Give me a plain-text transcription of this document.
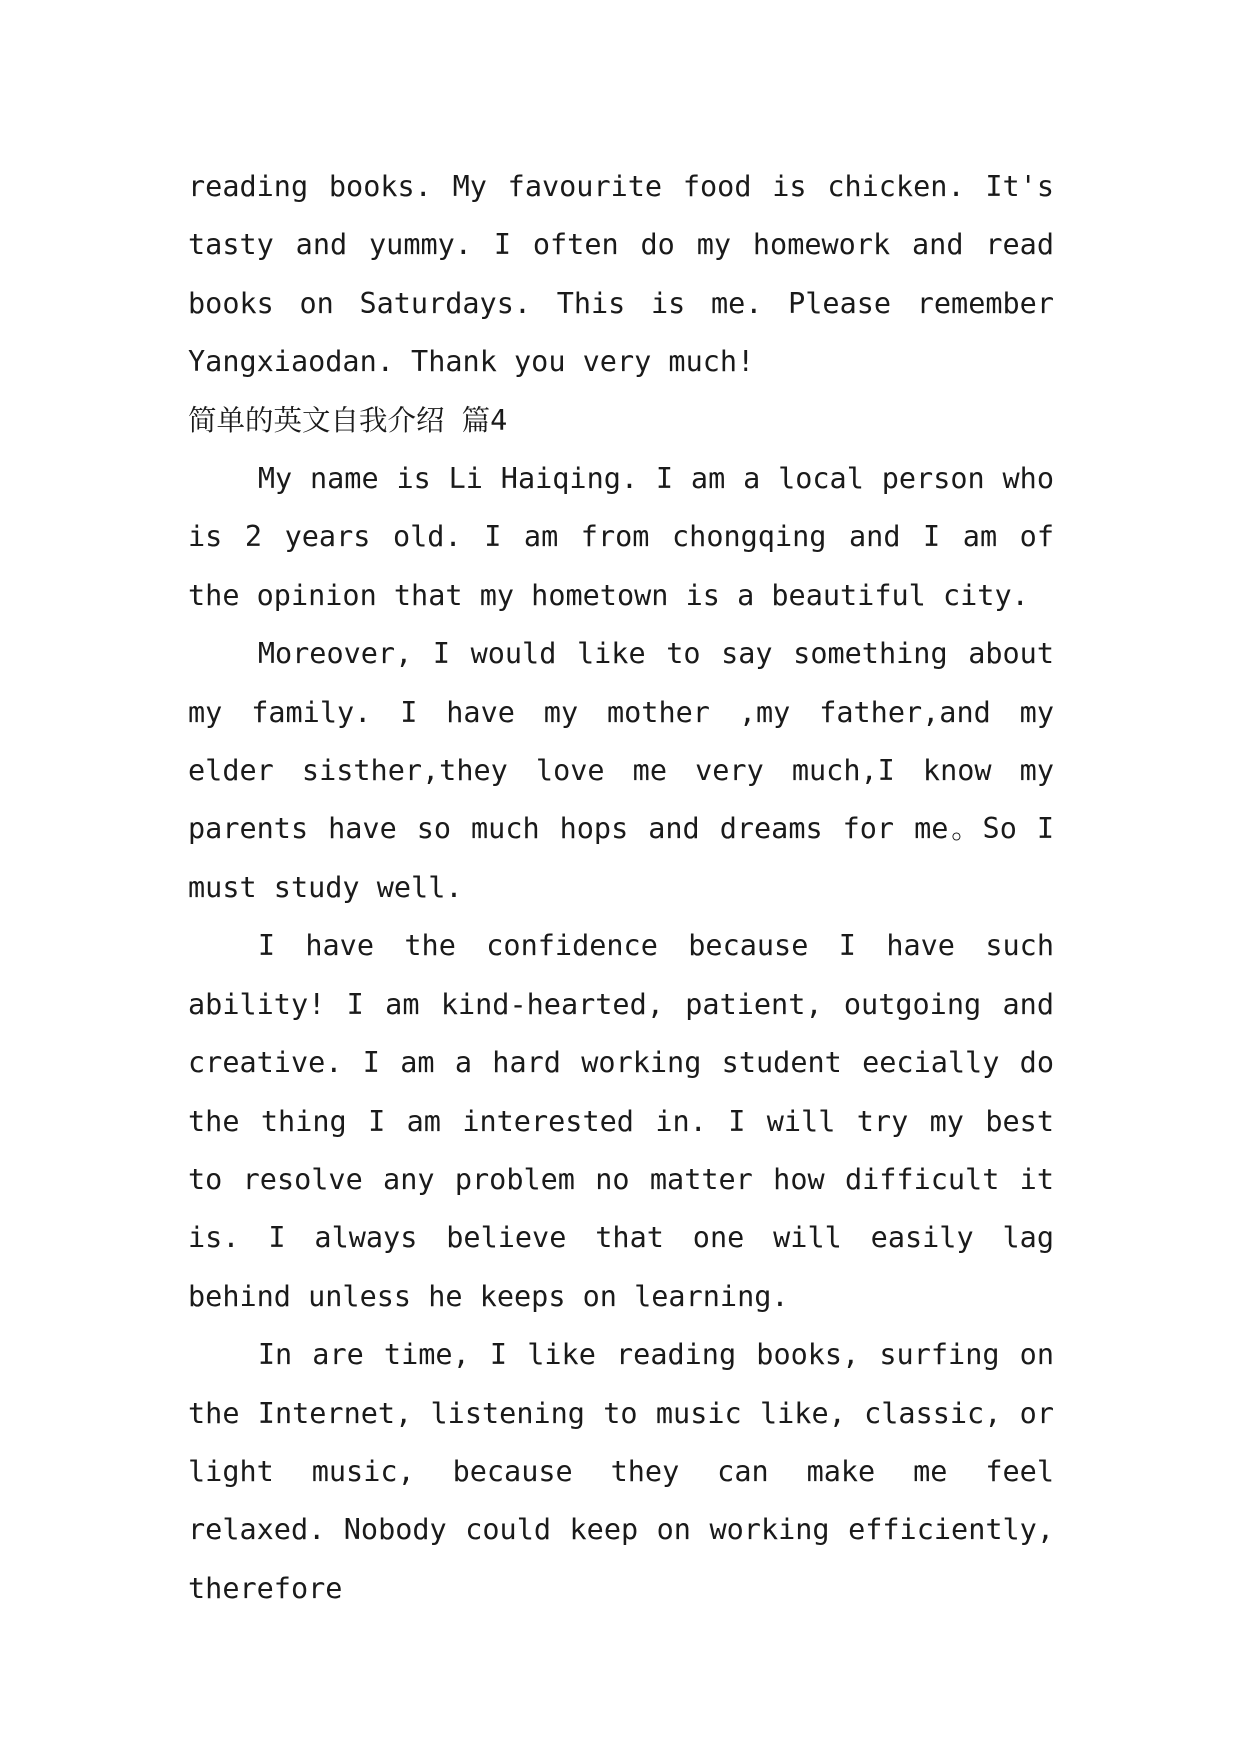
reading books. My favourite food is chicken. It's tasty and yummy. I often do my homework and read books on Saturdays. This is me. Please remember Yangxiaodan. Thank you very much!

简单的英文自我介绍 篇4

My name is Li Haiqing. I am a local person who is 2 years old. I am from chongqing and I am of the opinion that my hometown is a beautiful city.

Moreover, I would like to say something about my family. I have my mother ,my father,and my elder sisther,they love me very much,I know my parents have so much hops and dreams for me。So I must study well.

I have the confidence because I have such ability! I am kind-hearted, patient, outgoing and creative. I am a hard working student eecially do the thing I am interested in. I will try my best to resolve any problem no matter how difficult it is. I always believe that one will easily lag behind unless he keeps on learning.

In are time, I like reading books, surfing on the Internet, listening to music like, classic, or light music, because they can make me feel relaxed. Nobody could keep on working efficiently, therefore
